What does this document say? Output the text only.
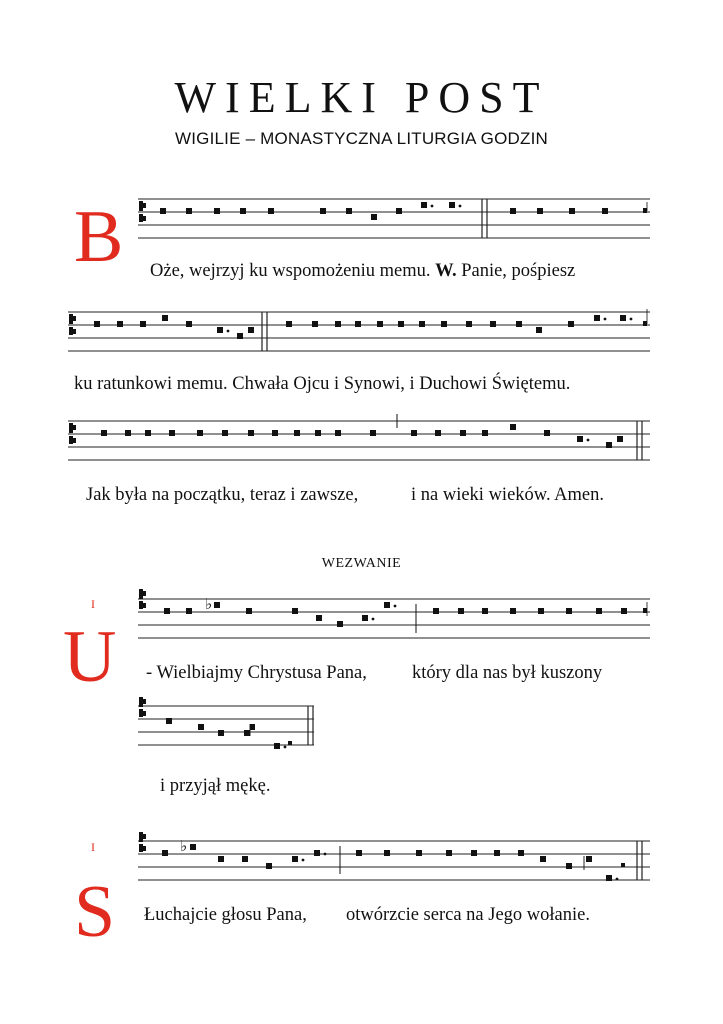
WIELKI POST
WIGILIE – MONASTYCZNA LITURGIA GODZIN
♭
♭
B Oże, wejrzyj ku wspomożeniu memu. W. Panie, pośpiesz
ku ratunkowi memu. Chwała Ojcu i Synowi, i Duchowi Świętemu.
Jak była na początku, teraz i zawsze,	i na wieki wieków. Amen.
WEZWANIE
I
U - Wielbiajmy Chrystusa Pana, który dla nas był kuszony
i przyjął mękę.
I
S Łuchajcie głosu Pana, otwórzcie serca na Jego wołanie.
